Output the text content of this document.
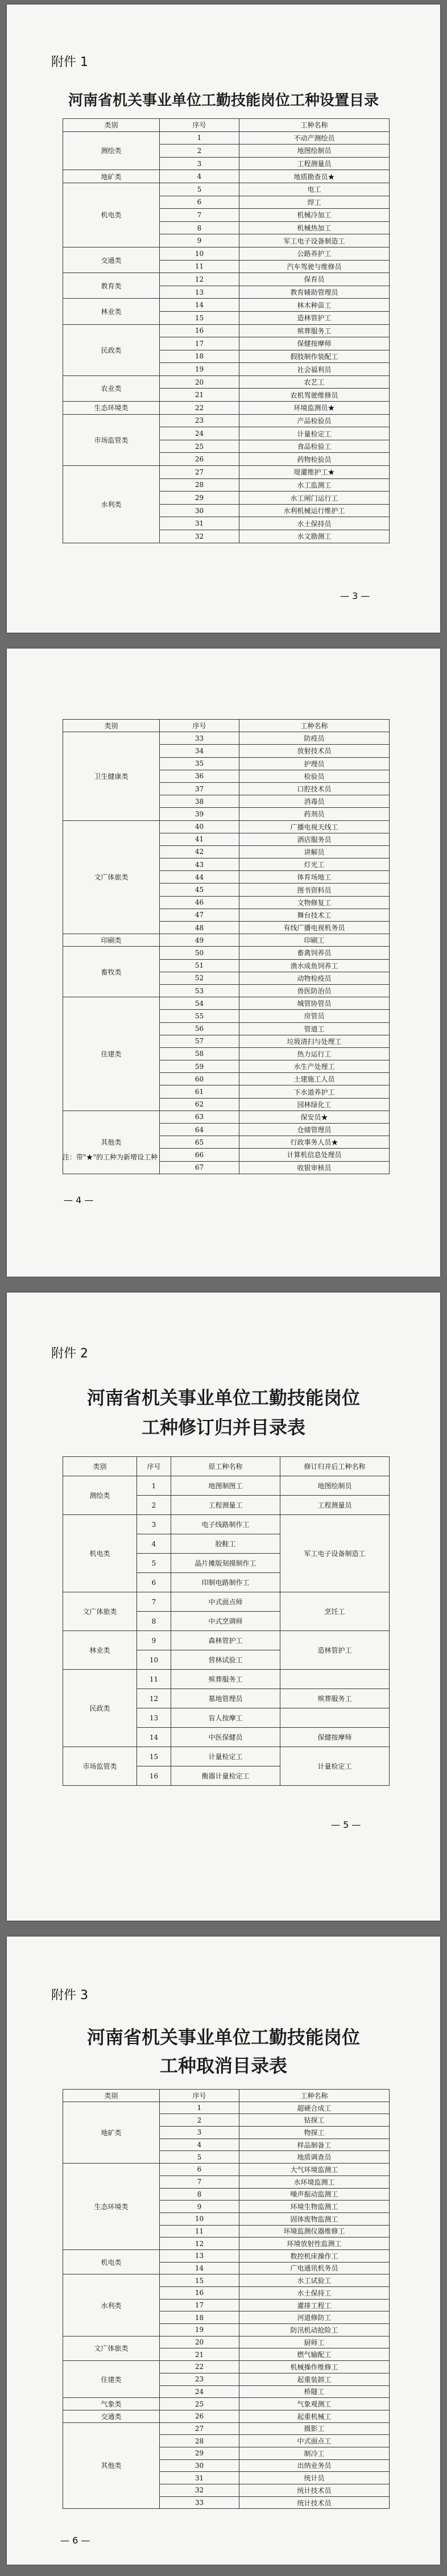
附件 1
河南省机关事业单位工勤技能岗位工种设置目录
类别	序号	工种名称
测绘类	1	不动产测绘员
	2	地图绘制员
	3	工程测量员
地矿类	4	地质勘查员★
机电类	5	电工
	6	焊工
	7	机械冷加工
	8	机械热加工
	9	军工电子设备制造工
交通类	10	公路养护工
	11	汽车驾驶与维修员
教育类	12	保育员
	13	教育辅助管理员
林业类	14	林木种苗工
	15	造林管护工
民政类	16	殡葬服务工
	17	保健按摩师
	18	假肢制作装配工
	19	社会福利员
农业类	20	农艺工
	21	农机驾驶维修员
生态环境类	22	环境监测员★
市场监管类	23	产品检验员
	24	计量检定工
	25	食品检验工
	26	药物检验员
水利类	27	堤灌维护工★
	28	水工监测工
	29	水工闸门运行工
	30	水利机械运行维护工
	31	水土保持员
	32	水文勘测工
— 3 —
类别	序号	工种名称
卫生健康类	33	防疫员
	34	放射技术员
	35	护理员
	36	检验员
	37	口腔技术员
	38	消毒员
	39	药剂员
文广体旅类	40	广播电视天线工
	41	酒店服务员
	42	讲解员
	43	灯光工
	44	体育场地工
	45	图书资料员
	46	文物修复工
	47	舞台技术工
	48	有线广播电视机务员
印刷类	49	印刷工
畜牧类	50	畜禽饲养员
	51	渔水成鱼饲养工
	52	动物检疫员
	53	兽医防治员
住建类	54	城管协管员
	55	房管员
	56	管道工
	57	垃圾清扫与处理工
	58	热力运行工
	59	水生产处理工
	60	土建施工人员
	61	下水道养护工
	62	园林绿化工
其他类	63	保安员★
	64	仓储管理员
	65	行政事务人员★
	66	计算机信息处理员
	67	收银审核员
注：带"★"的工种为新增设工种
— 4 —
附件 2
河南省机关事业单位工勤技能岗位
工种修订归并目录表
类别	序号	原工种名称	修订归并后工种名称
测绘类	1	地图制图工	地图绘制员
	2	工程测量工	工程测量员
机电类	3	电子线路制作工	军工电子设备制造工
	4	胶鞋工	
	5	晶片摊版刻摸制作工	
	6	印制电路制作工	
文广体旅类	7	中式面点师	烹饪工
	8	中式烹调师	
林业类	9	森林管护工	造林管护工
	10	营林试验工	
民政类	11	殡葬服务工	
	12	墓地管理员	殡葬服务工
	13	盲人按摩工	
	14	中医保健员	保健按摩师
市场监管类	15	计量检定工	计量检定工
	16	衡器计量检定工	
— 5 —
附件 3
河南省机关事业单位工勤技能岗位
工种取消目录表
类别	序号	工种名称
地矿类	1	超硬合成工
	2	钻探工
	3	物探工
	4	样品制备工
	5	地质调查员
生态环境类	6	大气环境监测工
	7	水环境监测工
	8	噪声振动监测工
	9	环境生物监测工
	10	固体废物监测工
	11	环境监测仪器维修工
	12	环境放射性监测工
机电类	13	数控机床操作工
	14	广电通讯机务员
水利类	15	水工试验工
	16	水土保持工
	17	灌排工程工
	18	河道修防工
	19	防汛机动抢险工
文广体旅类	20	厨师工
	21	燃气输配工
住建类	22	机械操作维修工
	23	起重装卸工
	24	桥隧工
气象类	25	气象观测工
交通类	26	起重机械工
其他类	27	摄影工
	28	中式面点工
	29	制冷工
	30	出纳业务员
	31	统计员
	32	统计技术员
	33	统计技术员
— 6 —
